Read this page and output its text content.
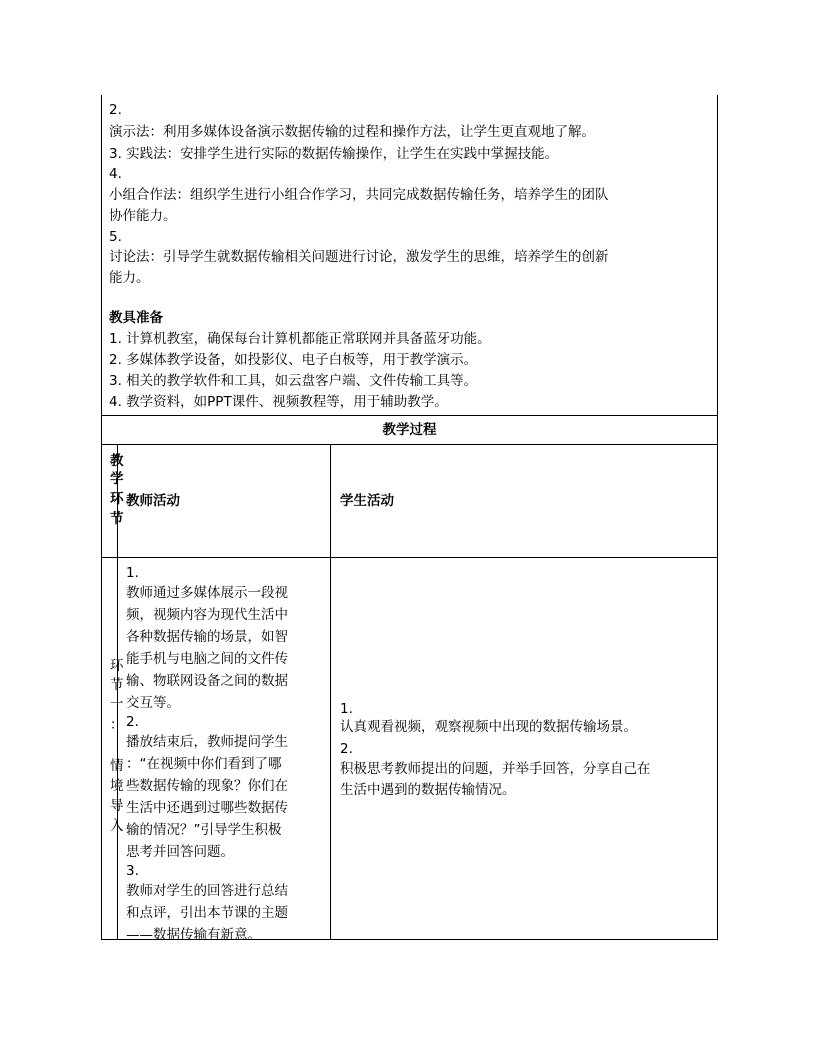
2.
演示法：利用多媒体设备演示数据传输的过程和操作方法，让学生更直观地了解。
3. 实践法：安排学生进行实际的数据传输操作，让学生在实践中掌握技能。
4.
小组合作法：组织学生进行小组合作学习，共同完成数据传输任务，培养学生的团队
协作能力。
5.
讨论法：引导学生就数据传输相关问题进行讨论，激发学生的思维，培养学生的创新
能力。
教具准备
1. 计算机教室，确保每台计算机都能正常联网并具备蓝牙功能。
2. 多媒体教学设备，如投影仪、电子白板等，用于教学演示。
3. 相关的教学软件和工具，如云盘客户端、文件传输工具等。
4. 教学资料，如PPT课件、视频教程等，用于辅助教学。
教学过程
教
学
环
节
教师活动	学生活动
环
节
一
：
情
境
导
入
1.
教师通过多媒体展示一段视
频，视频内容为现代生活中
各种数据传输的场景，如智
能手机与电脑之间的文件传
输、物联网设备之间的数据
交互等。
2.
播放结束后，教师提问学生
：“在视频中你们看到了哪
些数据传输的现象？你们在
生活中还遇到过哪些数据传
输的情况？”引导学生积极
思考并回答问题。
3.
教师对学生的回答进行总结
和点评，引出本节课的主题
——数据传输有新意。
1.
认真观看视频，观察视频中出现的数据传输场景。
2.
积极思考教师提出的问题，并举手回答，分享自己在
生活中遇到的数据传输情况。
